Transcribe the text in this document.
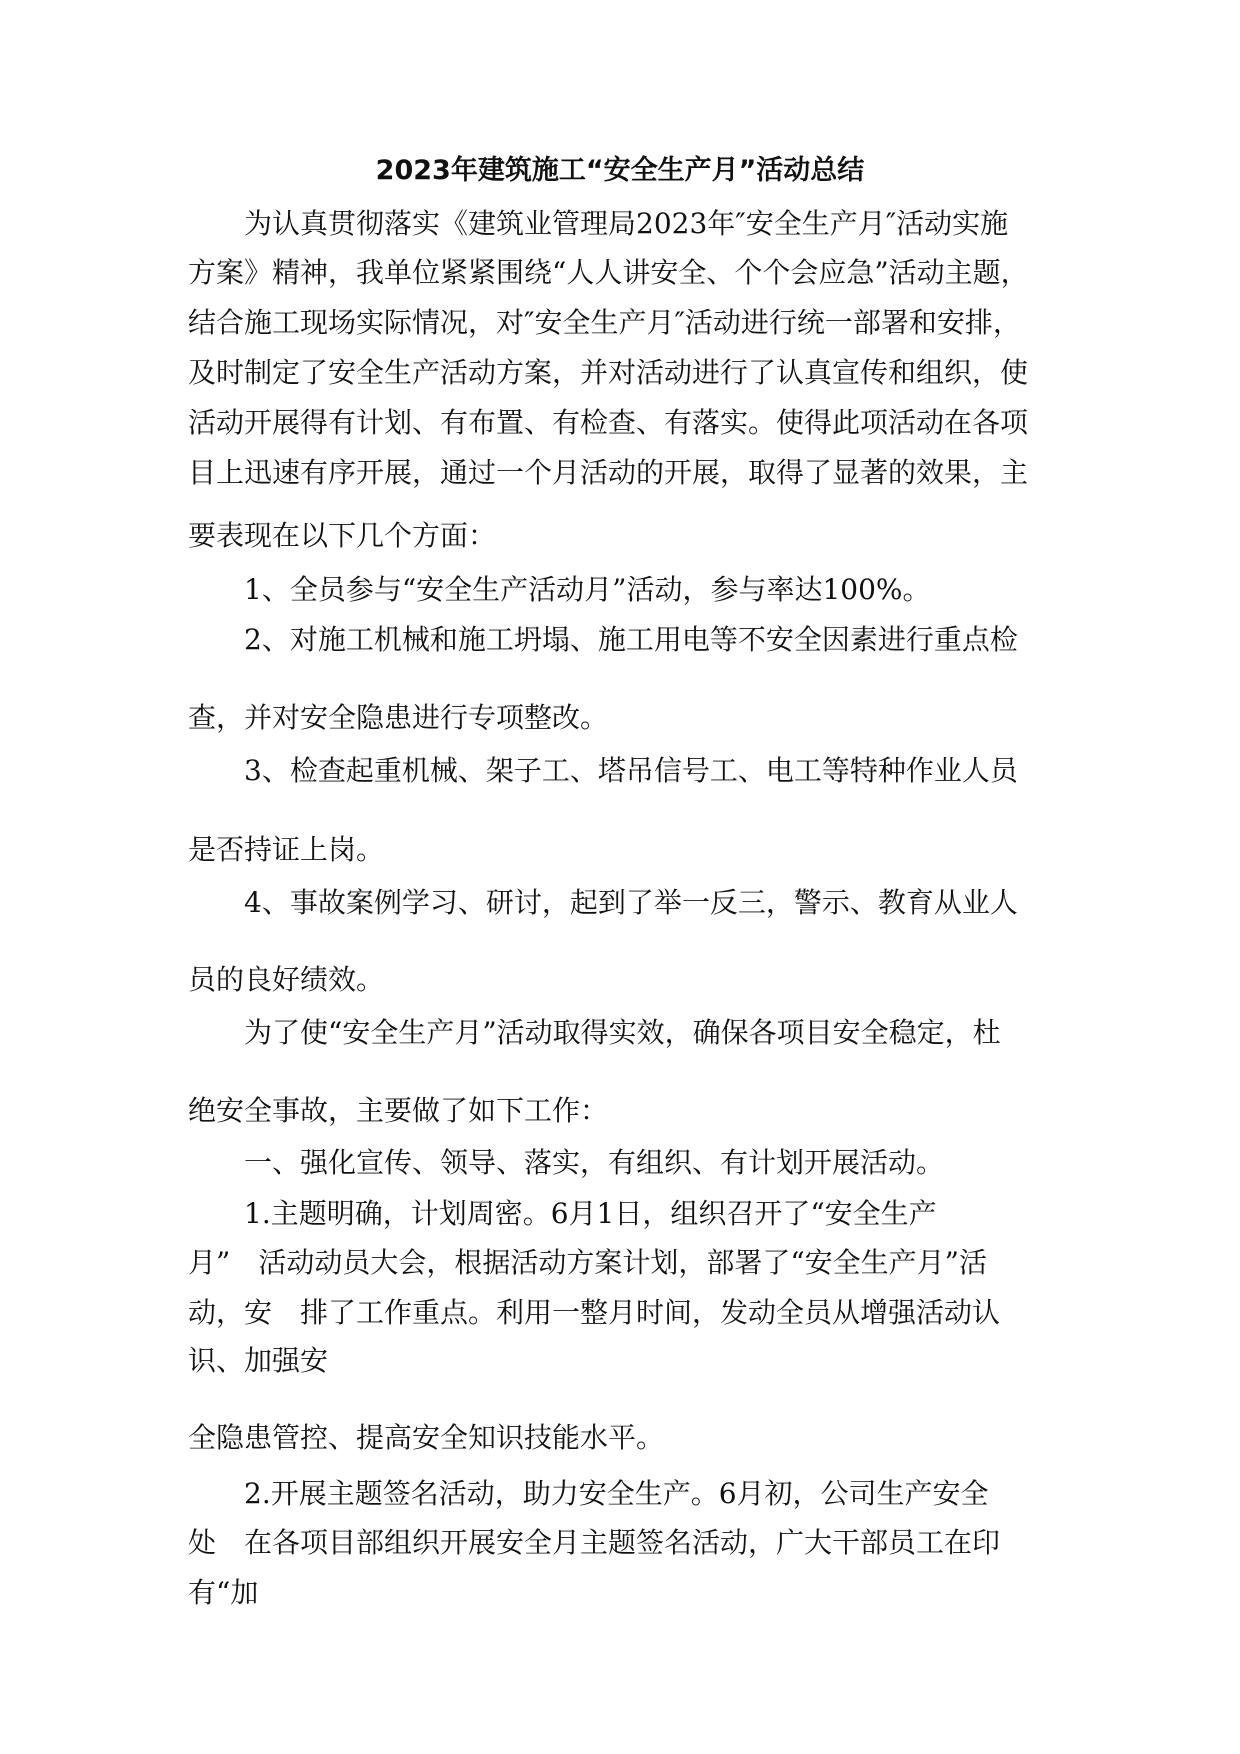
2023年建筑施工“安全生产月”活动总结
为认真贯彻落实《建筑业管理局2023年″安全生产月″活动实施
方案》精神，我单位紧紧围绕“人人讲安全、个个会应急”活动主题，
结合施工现场实际情况，对″安全生产月″活动进行统一部署和安排，
及时制定了安全生产活动方案，并对活动进行了认真宣传和组织，使
活动开展得有计划、有布置、有检查、有落实。使得此项活动在各项
目上迅速有序开展，通过一个月活动的开展，取得了显著的效果，主
要表现在以下几个方面：
1、全员参与“安全生产活动月”活动，参与率达100%。
2、对施工机械和施工坍塌、施工用电等不安全因素进行重点检
查，并对安全隐患进行专项整改。
3、检查起重机械、架子工、塔吊信号工、电工等特种作业人员
是否持证上岗。
4、事故案例学习、研讨，起到了举一反三，警示、教育从业人
员的良好绩效。
为了使“安全生产月”活动取得实效，确保各项目安全稳定，杜
绝安全事故，主要做了如下工作：
一、强化宣传、领导、落实，有组织、有计划开展活动。
1.主题明确，计划周密。6月1日，组织召开了“安全生产
月”　活动动员大会，根据活动方案计划，部署了“安全生产月”活
动，安　排了工作重点。利用一整月时间，发动全员从增强活动认
识、加强安
全隐患管控、提高安全知识技能水平。
2.开展主题签名活动，助力安全生产。6月初，公司生产安全
处　在各项目部组织开展安全月主题签名活动，广大干部员工在印
有“加
